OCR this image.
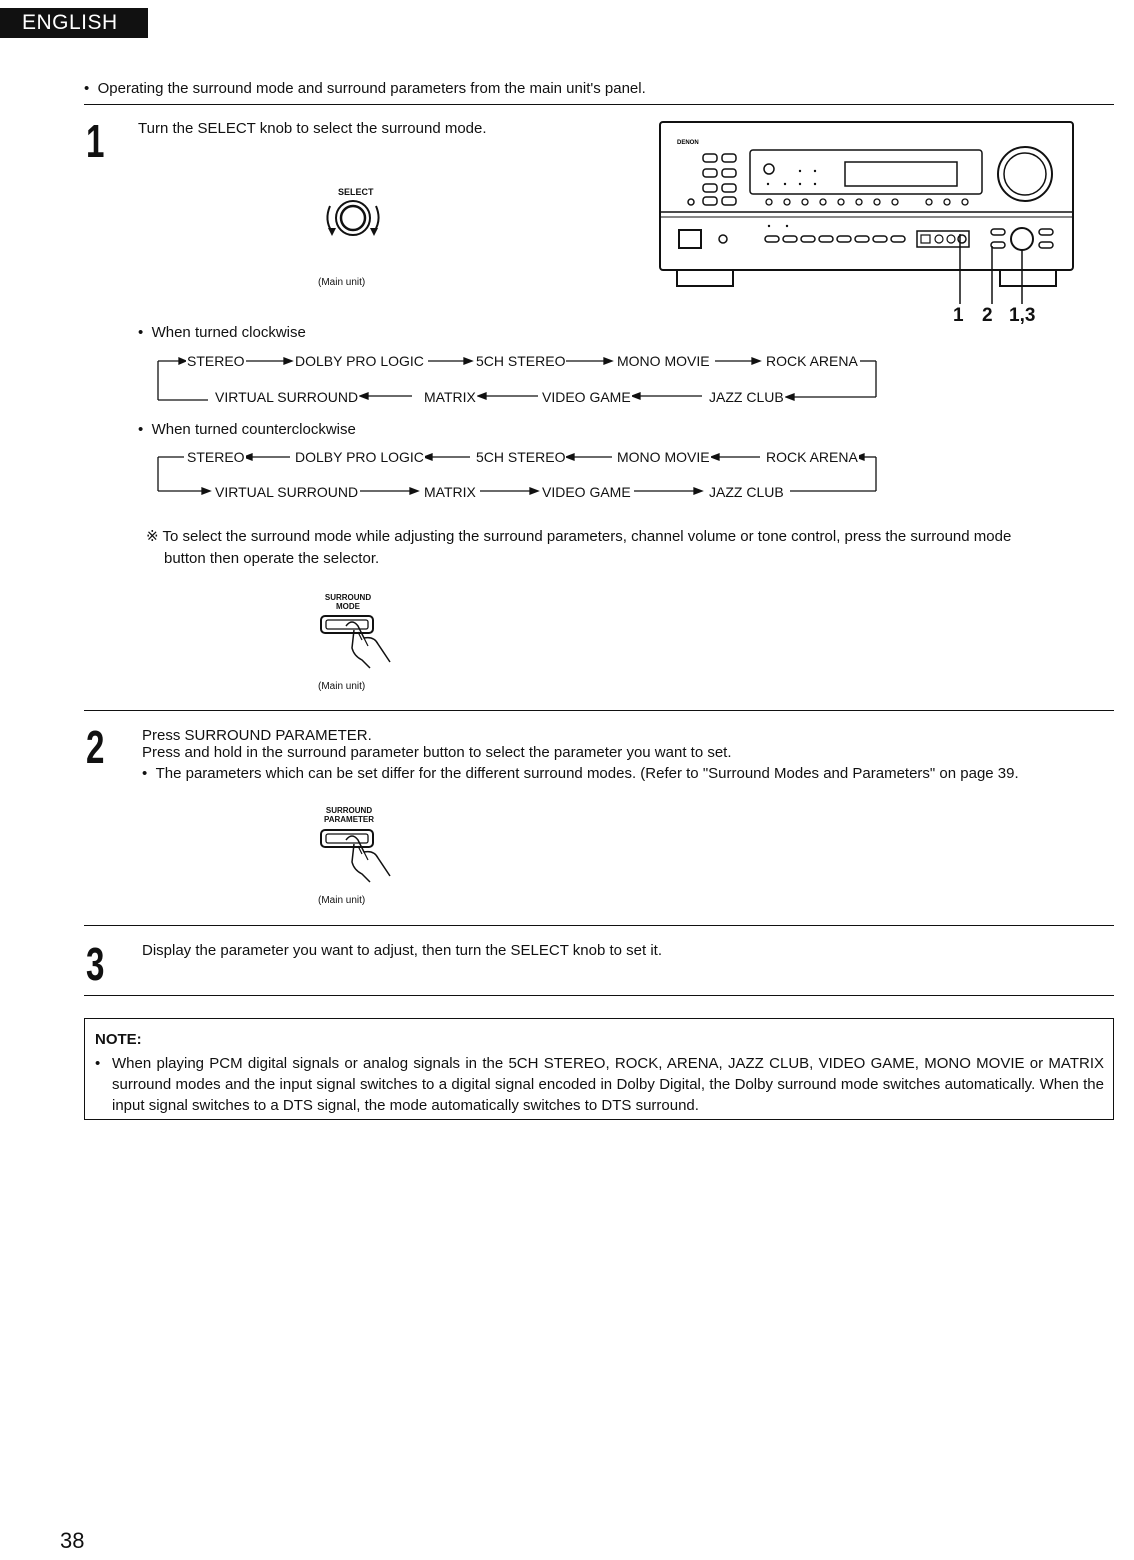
ENGLISH
•  Operating the surround mode and surround parameters from the main unit's panel.
1 Turn the SELECT knob to select the surround mode.
SELECT
(Main unit)
DENON
1 2 1,3
•  When turned clockwise
STEREO	DOLBY PRO LOGIC	5CH STEREO	MONO MOVIE	ROCK ARENA
VIRTUAL SURROUND	MATRIX	VIDEO GAME	JAZZ CLUB
•  When turned counterclockwise
STEREO	DOLBY PRO LOGIC	5CH STEREO	MONO MOVIE	ROCK ARENA
VIRTUAL SURROUND	MATRIX	VIDEO GAME	JAZZ CLUB
※ To select the surround mode while adjusting the surround parameters, channel volume or tone control, press the surround mode
button then operate the selector.
SURROUND
MODE
(Main unit)
2	Press SURROUND PARAMETER.
Press and hold in the surround parameter button to select the parameter you want to set.
•  The parameters which can be set differ for the different surround modes. (Refer to "Surround Modes and Parameters" on page 39.
SURROUND
PARAMETER
(Main unit)
3	Display the parameter you want to adjust, then turn the SELECT knob to set it.
NOTE:
• When playing PCM digital signals or analog signals in the 5CH STEREO, ROCK, ARENA, JAZZ CLUB, VIDEO GAME, MONO MOVIE or MATRIX surround modes and the input signal switches to a digital signal encoded in Dolby Digital, the Dolby surround mode switches automatically. When the input signal switches to a DTS signal, the mode automatically switches to DTS surround.
38
